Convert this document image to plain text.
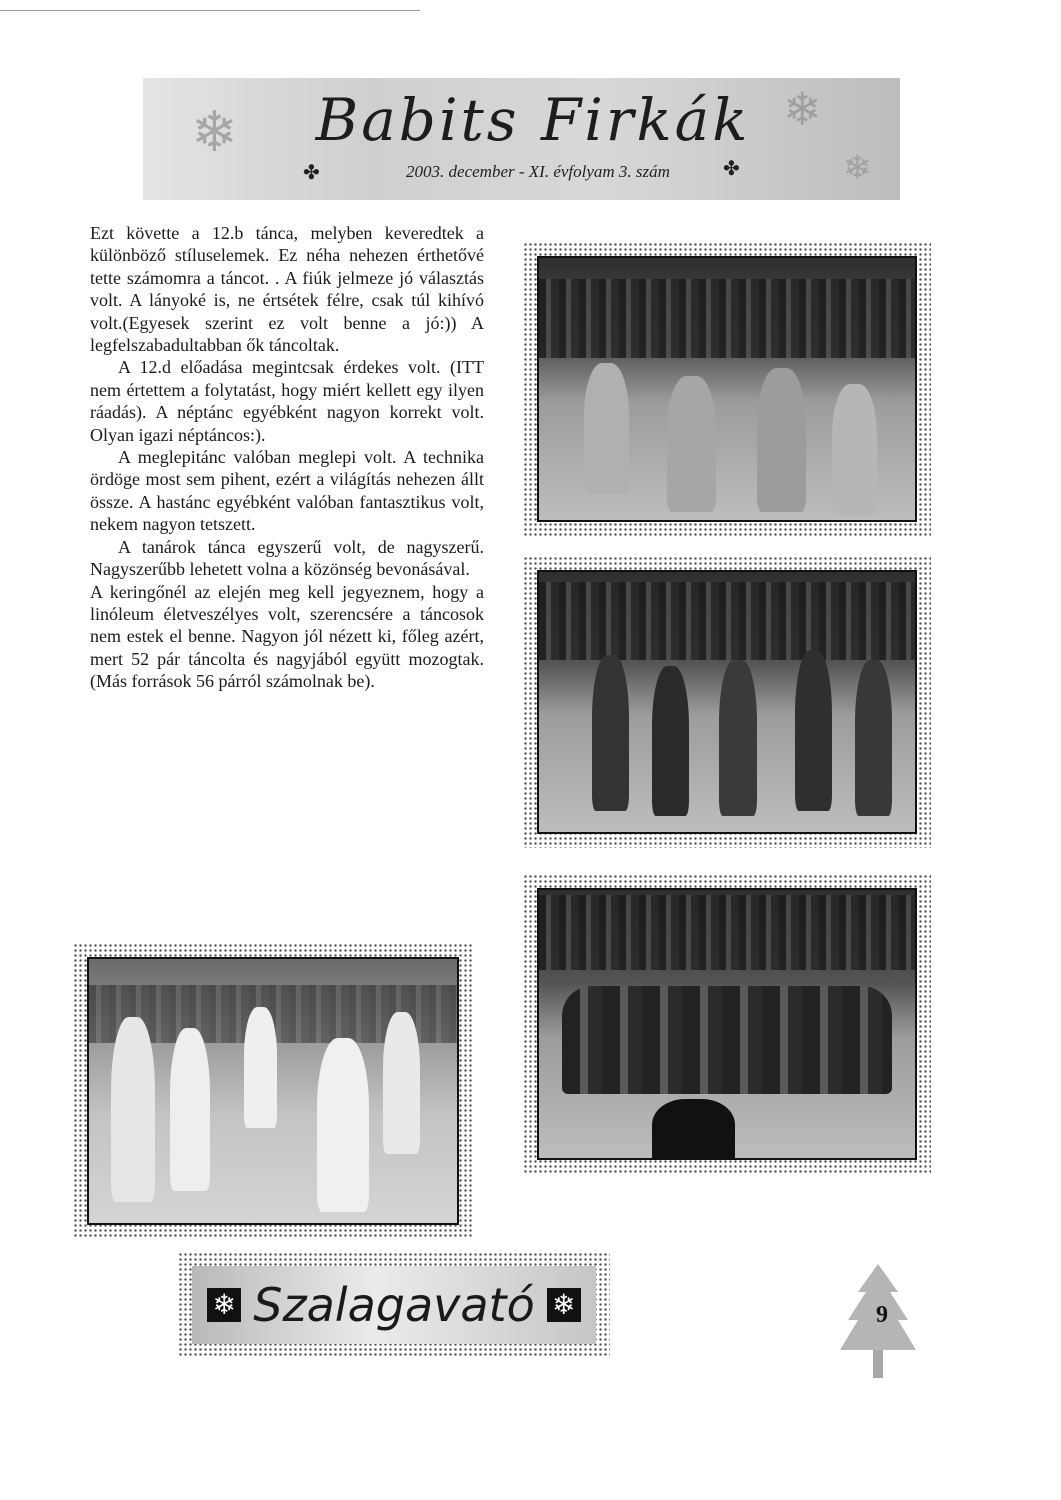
❄	❄
❄
✤	✤
Babits Firkák
2003. december - XI. évfolyam 3. szám

Ezt követte a 12.b tánca, melyben keveredtek a különböző stíluselemek. Ez néha nehezen érthetővé tette számomra a táncot. . A fiúk jelmeze jó választás volt. A lányoké is, ne értsétek félre, csak túl kihívó volt.(Egyesek szerint ez volt benne a jó:)) A legfelszabadultabban ők táncoltak.

A 12.d előadása megintcsak érdekes volt. (ITT nem értettem a folytatást, hogy miért kellett egy ilyen ráadás). A néptánc egyébként nagyon korrekt volt. Olyan igazi néptáncos:).

A meglepitánc valóban meglepi volt. A technika ördöge most sem pihent, ezért a világítás nehezen állt össze. A hastánc egyébként valóban fantasztikus volt, nekem nagyon tetszett.

A tanárok tánca egyszerű volt, de nagyszerű. Nagyszerűbb lehetett volna a közönség bevonásával.

A keringőnél az elején meg kell jegyeznem, hogy a linóleum életveszélyes volt, szerencsére a táncosok nem estek el benne. Nagyon jól nézett ki, főleg azért, mert 52 pár táncolta és nagyjából együtt mozogtak. (Más források 56 párról számolnak be).

❄ Szalagavató ❄	9
